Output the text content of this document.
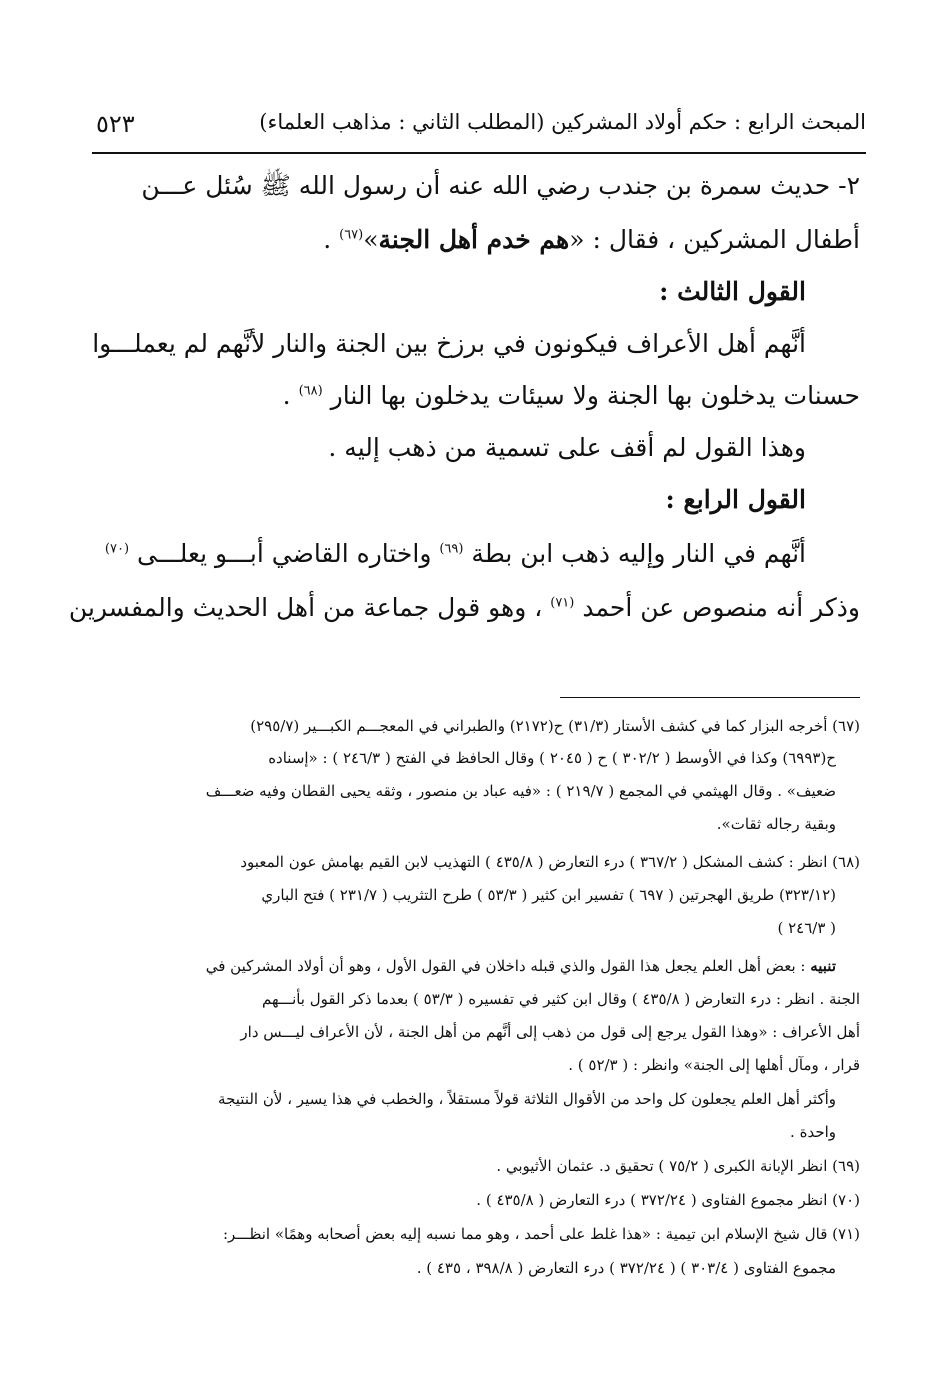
المبحث الرابع : حكم أولاد المشركين (المطلب الثاني : مذاهب العلماء)
٥٢٣
٢- حديث سمرة بن جندب رضي الله عنه أن رسول الله ﷺ سُئل عـــن
أطفال المشركين ، فقال : «هم خدم أهل الجنة»$^{(٦٧)}$ .
القول الثالث :
أنَّهم أهل الأعراف فيكونون في برزخ بين الجنة والنار لأنَّهم لم يعملـــوا
حسنات يدخلون بها الجنة ولا سيئات يدخلون بها النار $^{(٦٨)}$ .
وهذا القول لم أقف على تسمية من ذهب إليه .
القول الرابع :
أنَّهم في النار وإليه ذهب ابن بطة $^{(٦٩)}$ واختاره القاضي أبـــو يعلـــى $^{(٧٠)}$
وذكر أنه منصوص عن أحمد $^{(٧١)}$ ، وهو قول جماعة من أهل الحديث والمفسرين
(٦٧) أخرجه البزار كما في كشف الأستار (٣١/٣) ح(٢١٧٢) والطبراني في المعجـــم الكبـــير (٢٩٥/٧)
ح(٦٩٩٣) وكذا في الأوسط ( ٣٠٢/٢ ) ح ( ٢٠٤٥ ) وقال الحافظ في الفتح ( ٢٤٦/٣ ) : «إسناده
ضعيف» . وقال الهيثمي في المجمع ( ٢١٩/٧ ) : «فيه عباد بن منصور ، وثقه يحيى القطان وفيه ضعـــف
وبقية رجاله ثقات».
(٦٨) انظر : كشف المشكل ( ٣٦٧/٢ ) درء التعارض ( ٤٣٥/٨ ) التهذيب لابن القيم بهامش عون المعبود
(٣٢٣/١٢) طريق الهجرتين ( ٦٩٧ ) تفسير ابن كثير ( ٥٣/٣ ) طرح التثريب ( ٢٣١/٧ ) فتح الباري
( ٢٤٦/٣ )
تنبيه : بعض أهل العلم يجعل هذا القول والذي قبله داخلان في القول الأول ، وهو أن أولاد المشركين في
الجنة . انظر : درء التعارض ( ٤٣٥/٨ ) وقال ابن كثير في تفسيره ( ٥٣/٣ ) بعدما ذكر القول بأنـــهم
أهل الأعراف : «وهذا القول يرجع إلى قول من ذهب إلى أنَّهم من أهل الجنة ، لأن الأعراف ليـــس دار
قرار ، ومآل أهلها إلى الجنة» وانظر : ( ٥٢/٣ ) .
وأكثر أهل العلم يجعلون كل واحد من الأقوال الثلاثة قولاً مستقلاً ، والخطب في هذا يسير ، لأن النتيجة
واحدة .
(٦٩) انظر الإبانة الكبرى ( ٧٥/٢ ) تحقيق د. عثمان الأثيوبي .
(٧٠) انظر مجموع الفتاوى ( ٣٧٢/٢٤ ) درء التعارض ( ٤٣٥/٨ ) .
(٧١) قال شيخ الإسلام ابن تيمية : «هذا غلط على أحمد ، وهو مما نسبه إليه بعض أصحابه وهمًا» انظـــر:
مجموع الفتاوى ( ٣٠٣/٤ ) ( ٣٧٢/٢٤ ) درء التعارض ( ٣٩٨/٨ ، ٤٣٥ ) .
